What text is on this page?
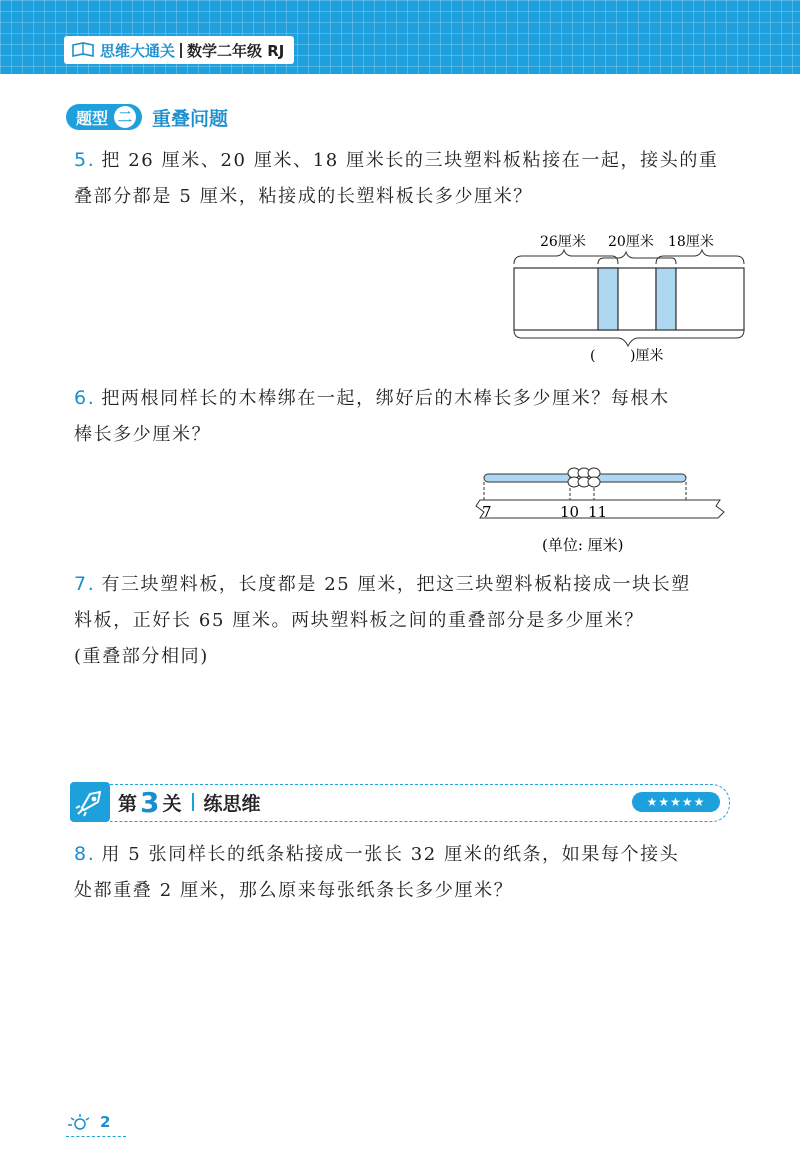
思维大通关 数学二年级 RJ
题型 二 重叠问题
5. 把 26 厘米、20 厘米、18 厘米长的三块塑料板粘接在一起，接头的重
叠部分都是 5 厘米，粘接成的长塑料板长多少厘米？
26厘米 20厘米 18厘米
( )厘米
6. 把两根同样长的木棒绑在一起，绑好后的木棒长多少厘米？每根木
棒长多少厘米？
7	10 11
(单位: 厘米)
7. 有三块塑料板，长度都是 25 厘米，把这三块塑料板粘接成一块长塑
料板，正好长 65 厘米。两块塑料板之间的重叠部分是多少厘米？
(重叠部分相同)
第 3 关 练思维	★★★★★
8. 用 5 张同样长的纸条粘接成一张长 32 厘米的纸条，如果每个接头
处都重叠 2 厘米，那么原来每张纸条长多少厘米？
2
